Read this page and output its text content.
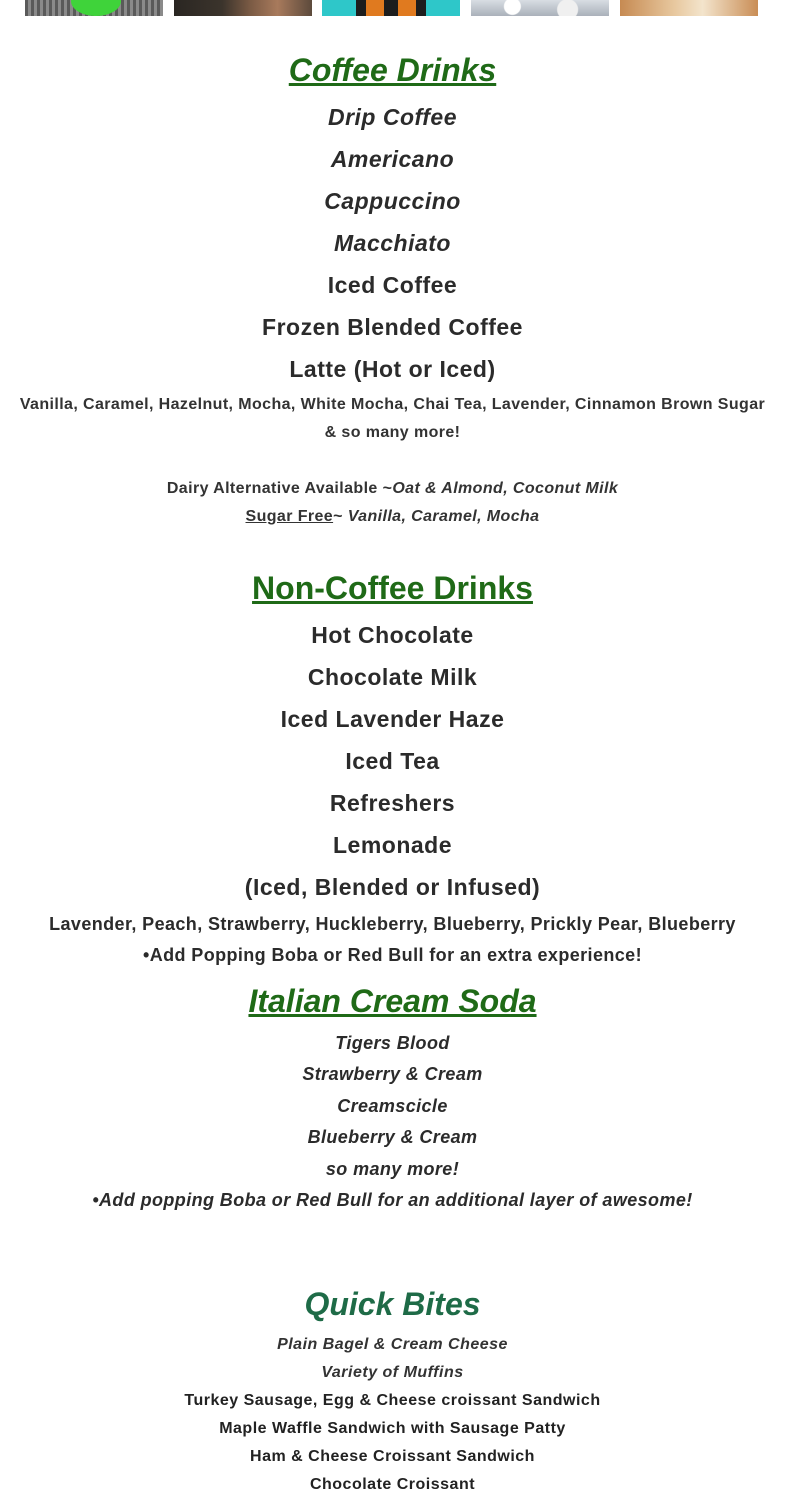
Coffee Drinks

Drip Coffee

Americano

Cappuccino

Macchiato

Iced Coffee

Frozen Blended Coffee

Latte (Hot or Iced)

Vanilla, Caramel, Hazelnut, Mocha, White Mocha, Chai Tea, Lavender, Cinnamon Brown Sugar

& so many more!

Dairy Alternative Available ~Oat & Almond, Coconut Milk

Sugar Free~ Vanilla, Caramel, Mocha

Non-Coffee Drinks

Hot Chocolate

Chocolate Milk

Iced Lavender Haze

Iced Tea

Refreshers

Lemonade

(Iced, Blended or Infused)

Lavender, Peach, Strawberry, Huckleberry, Blueberry, Prickly Pear, Blueberry

•Add Popping Boba or Red Bull for an extra experience!

Italian Cream Soda

Tigers Blood

Strawberry & Cream

Creamscicle

Blueberry & Cream

so many more!

•Add popping Boba or Red Bull for an additional layer of awesome!

Quick Bites

Plain Bagel & Cream Cheese

Variety of Muffins

Turkey Sausage, Egg & Cheese croissant Sandwich

Maple Waffle Sandwich with Sausage Patty

Ham & Cheese Croissant Sandwich

Chocolate Croissant
